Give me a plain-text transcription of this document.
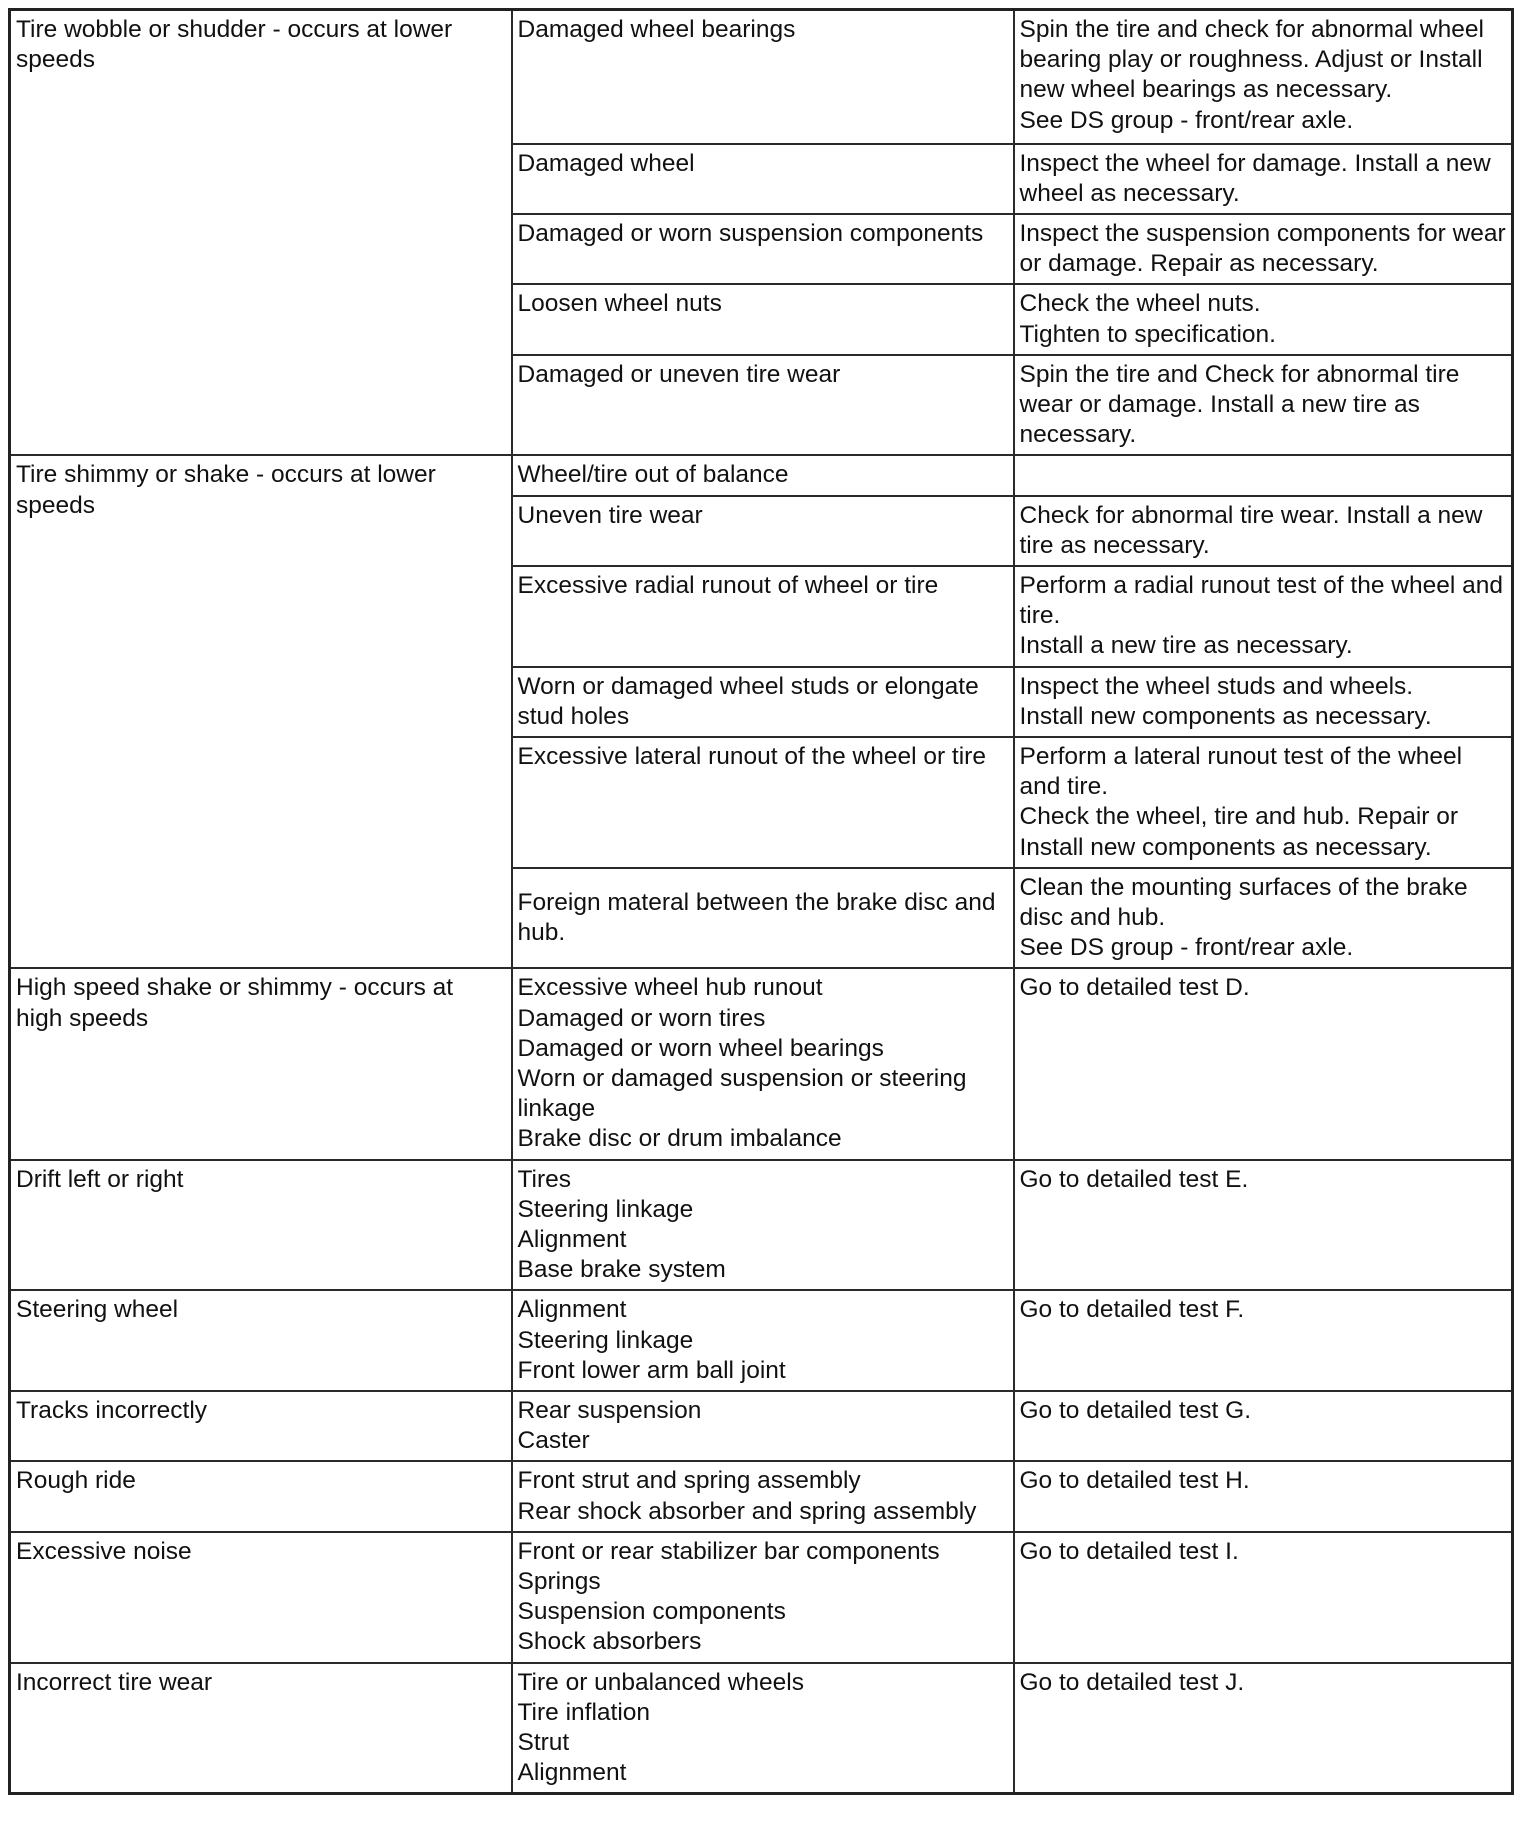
Tire wobble or shudder - occurs at lower speeds	Damaged wheel bearings	Spin the tire and check for abnormal wheel bearing play or roughness. Adjust or Install new wheel bearings as necessary.
See DS group - front/rear axle.
	Damaged wheel	Inspect the wheel for damage. Install a new wheel as necessary.
	Damaged or worn suspension components	Inspect the suspension components for wear or damage. Repair as necessary.
	Loosen wheel nuts	Check the wheel nuts.
Tighten to specification.
	Damaged or uneven tire wear	Spin the tire and Check for abnormal tire wear or damage. Install a new tire as necessary.
Tire shimmy or shake - occurs at lower speeds	Wheel/tire out of balance	
	Uneven tire wear	Check for abnormal tire wear. Install a new tire as necessary.
	Excessive radial runout of wheel or tire	Perform a radial runout test of the wheel and tire.
Install a new tire as necessary.
	Worn or damaged wheel studs or elongate stud holes	Inspect the wheel studs and wheels.
Install new components as necessary.
	Excessive lateral runout of the wheel or tire	Perform a lateral runout test of the wheel and tire.
Check the wheel, tire and hub. Repair or Install new components as necessary.
	Foreign materal between the brake disc and hub.	Clean the mounting surfaces of the brake disc and hub.
See DS group - front/rear axle.
High speed shake or shimmy - occurs at high speeds	Excessive wheel hub runout
Damaged or worn tires
Damaged or worn wheel bearings
Worn or damaged suspension or steering linkage
Brake disc or drum imbalance	Go to detailed test D.
Drift left or right	Tires
Steering linkage
Alignment
Base brake system	Go to detailed test E.
Steering wheel	Alignment
Steering linkage
Front lower arm ball joint	Go to detailed test F.
Tracks incorrectly	Rear suspension
Caster	Go to detailed test G.
Rough ride	Front strut and spring assembly
Rear shock absorber and spring assembly	Go to detailed test H.
Excessive noise	Front or rear stabilizer bar components
Springs
Suspension components
Shock absorbers	Go to detailed test I.
Incorrect tire wear	Tire or unbalanced wheels
Tire inflation
Strut
Alignment	Go to detailed test J.
